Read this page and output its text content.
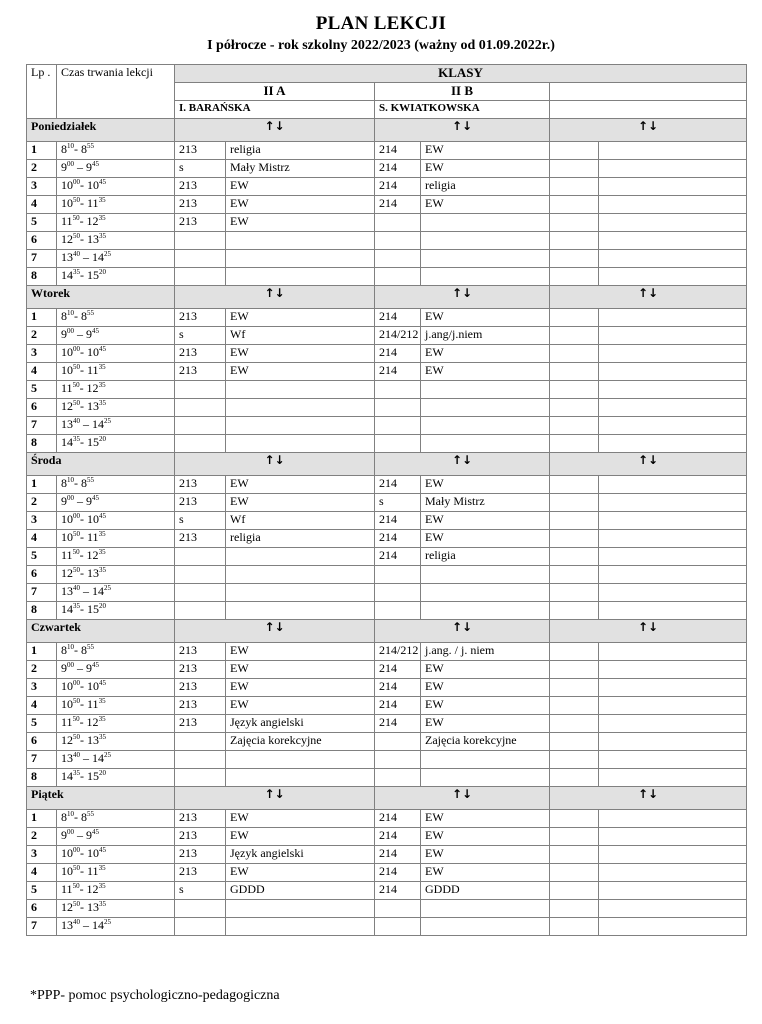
PLAN LEKCJI
I półrocze - rok szkolny 2022/2023 (ważny od 01.09.2022r.)
Lp .	Czas trwania lekcji	KLASY					
		II A		II B			
		I. BARAŃSKA		S. KWIATKOWSKA			
Poniedziałek		↑↓		↑↓		↑↓	
1	$8^{10}-$ $8^{55}$	213	religia	214	EW		
2	$9^{00} - 9^{45}$	s	Mały Mistrz	214	EW		
3	$10^{00}-$ $10^{45}$	213	EW	214	religia		
4	$10^{50}-$ $11^{35}$	213	EW	214	EW		
5	$11^{50}-$ $12^{35}$	213	EW				
6	$12^{50}-$ $13^{35}$						
7	$13^{40} - 14^{25}$						
8	$14^{35}-$ $15^{20}$						
Wtorek		↑↓		↑↓		↑↓	
1	$8^{10}-$ $8^{55}$	213	EW	214	EW		
2	$9^{00} - 9^{45}$	s	Wf	214/212	j.ang/j.niem		
3	$10^{00}-$ $10^{45}$	213	EW	214	EW		
4	$10^{50}-$ $11^{35}$	213	EW	214	EW		
5	$11^{50}-$ $12^{35}$						
6	$12^{50}-$ $13^{35}$						
7	$13^{40} - 14^{25}$						
8	$14^{35}-$ $15^{20}$						
Środa		↑↓		↑↓		↑↓	
1	$8^{10}-$ $8^{55}$	213	EW	214	EW		
2	$9^{00} - 9^{45}$	213	EW	s	Mały Mistrz		
3	$10^{00}-$ $10^{45}$	s	Wf	214	EW		
4	$10^{50}-$ $11^{35}$	213	religia	214	EW		
5	$11^{50}-$ $12^{35}$			214	religia		
6	$12^{50}-$ $13^{35}$						
7	$13^{40} - 14^{25}$						
8	$14^{35}-$ $15^{20}$						
Czwartek		↑↓		↑↓		↑↓	
1	$8^{10}-$ $8^{55}$	213	EW	214/212	j.ang. / j. niem		
2	$9^{00} - 9^{45}$	213	EW	214	EW		
3	$10^{00}-$ $10^{45}$	213	EW	214	EW		
4	$10^{50}-$ $11^{35}$	213	EW	214	EW		
5	$11^{50}-$ $12^{35}$	213	Język angielski	214	EW		
6	$12^{50}-$ $13^{35}$		Zajęcia korekcyjne		Zajęcia korekcyjne		
7	$13^{40} - 14^{25}$						
8	$14^{35}-$ $15^{20}$						
Piątek		↑↓		↑↓		↑↓	
1	$8^{10}-$ $8^{55}$	213	EW	214	EW		
2	$9^{00} - 9^{45}$	213	EW	214	EW		
3	$10^{00}-$ $10^{45}$	213	Język angielski	214	EW		
4	$10^{50}-$ $11^{35}$	213	EW	214	EW		
5	$11^{50}-$ $12^{35}$	s	GDDD	214	GDDD		
6	$12^{50}-$ $13^{35}$						
7	$13^{40} - 14^{25}$						
*PPP- pomoc psychologiczno-pedagogiczna
